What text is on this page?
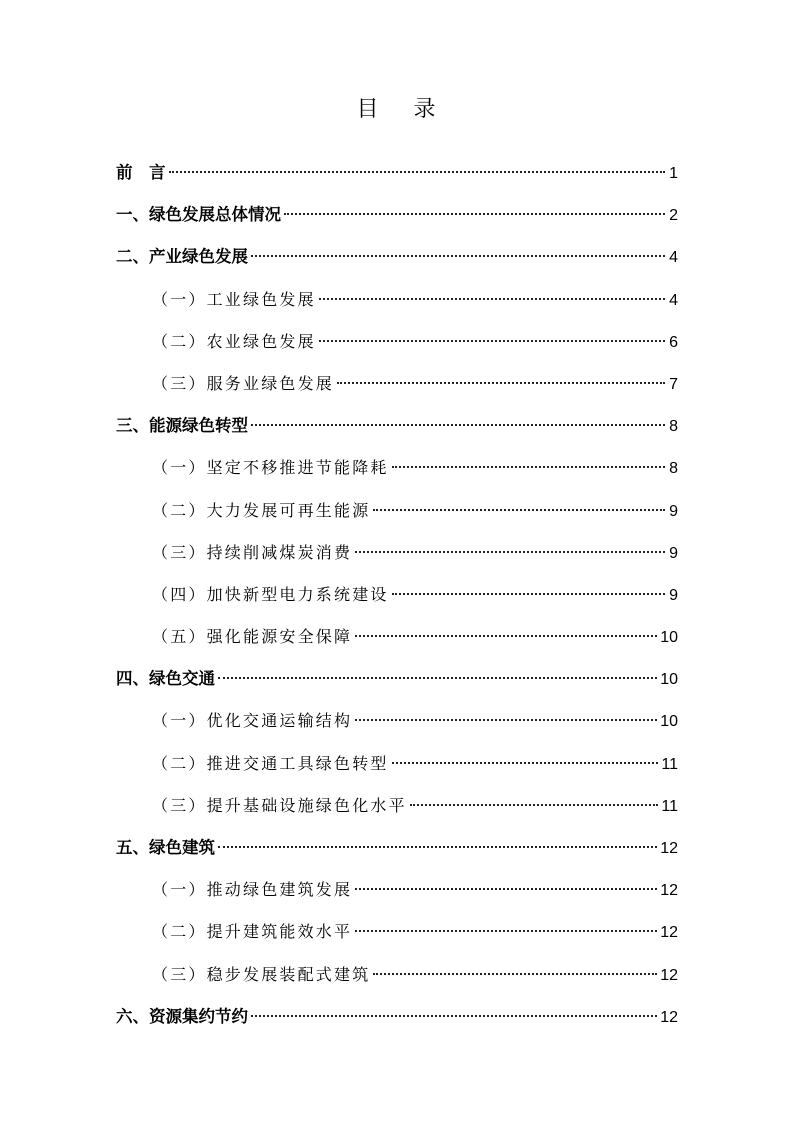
目 录
前　言	1
一、绿色发展总体情况	2
二、产业绿色发展	4
（一）工业绿色发展	4
（二）农业绿色发展	6
（三）服务业绿色发展	7
三、能源绿色转型	8
（一）坚定不移推进节能降耗	8
（二）大力发展可再生能源	9
（三）持续削减煤炭消费	9
（四）加快新型电力系统建设	9
（五）强化能源安全保障	10
四、绿色交通	10
（一）优化交通运输结构	10
（二）推进交通工具绿色转型	11
（三）提升基础设施绿色化水平	11
五、绿色建筑	12
（一）推动绿色建筑发展	12
（二）提升建筑能效水平	12
（三）稳步发展装配式建筑	12
六、资源集约节约	12
